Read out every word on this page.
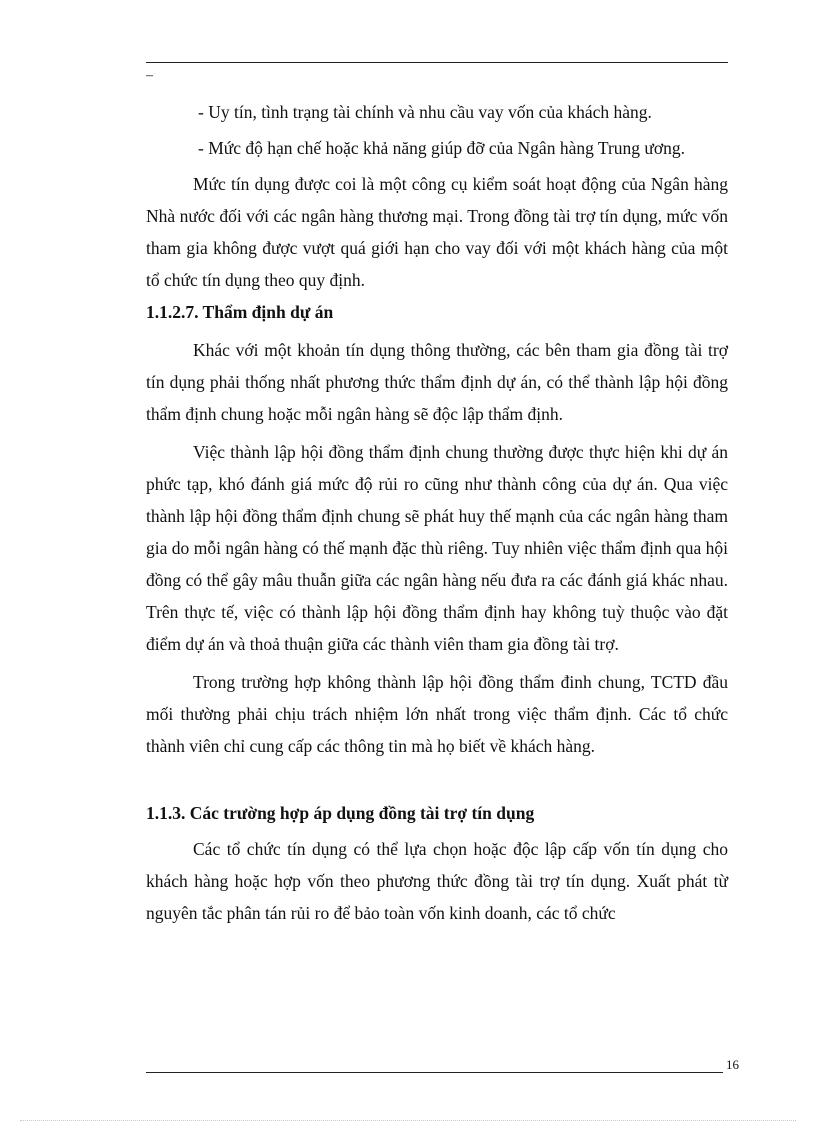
–

- Uy tín, tình trạng tài chính và nhu cầu vay vốn của khách hàng.

- Mức độ hạn chế hoặc khả năng giúp đỡ của Ngân hàng Trung ương.

Mức tín dụng được coi là một công cụ kiểm soát hoạt động của Ngân hàng Nhà nước đối với các ngân hàng thương mại. Trong đồng tài trợ tín dụng, mức vốn tham gia không được vượt quá giới hạn cho vay đối với một khách hàng của một tổ chức tín dụng theo quy định.

1.1.2.7. Thẩm định dự án

Khác với một khoản tín dụng thông thường, các bên tham gia đồng tài trợ tín dụng phải thống nhất phương thức thẩm định dự án, có thể thành lập hội đồng thẩm định chung hoặc mỗi ngân hàng sẽ độc lập thẩm định.

Việc thành lập hội đồng thẩm định chung thường được thực hiện khi dự án phức tạp, khó đánh giá mức độ rủi ro cũng như thành công của dự án. Qua việc thành lập hội đồng thẩm định chung sẽ phát huy thế mạnh của các ngân hàng tham gia do mỗi ngân hàng có thế mạnh đặc thù riêng. Tuy nhiên việc thẩm định qua hội đồng có thể gây mâu thuẫn giữa các ngân hàng nếu đưa ra các đánh giá khác nhau. Trên thực tế, việc có thành lập hội đồng thẩm định hay không tuỳ thuộc vào đặt điểm dự án và thoả thuận giữa các thành viên tham gia đồng tài trợ.

Trong trường hợp không thành lập hội đồng thẩm đinh chung, TCTD đầu mối thường phải chịu trách nhiệm lớn nhất trong việc thẩm định. Các tổ chức thành viên chỉ cung cấp các thông tin mà họ biết về khách hàng.

1.1.3. Các trường hợp áp dụng đồng tài trợ tín dụng

Các tổ chức tín dụng có thể lựa chọn hoặc độc lập cấp vốn tín dụng cho khách hàng hoặc hợp vốn theo phương thức đồng tài trợ tín dụng. Xuất phát từ nguyên tắc phân tán rủi ro để bảo toàn vốn kinh doanh, các tổ chức

16
